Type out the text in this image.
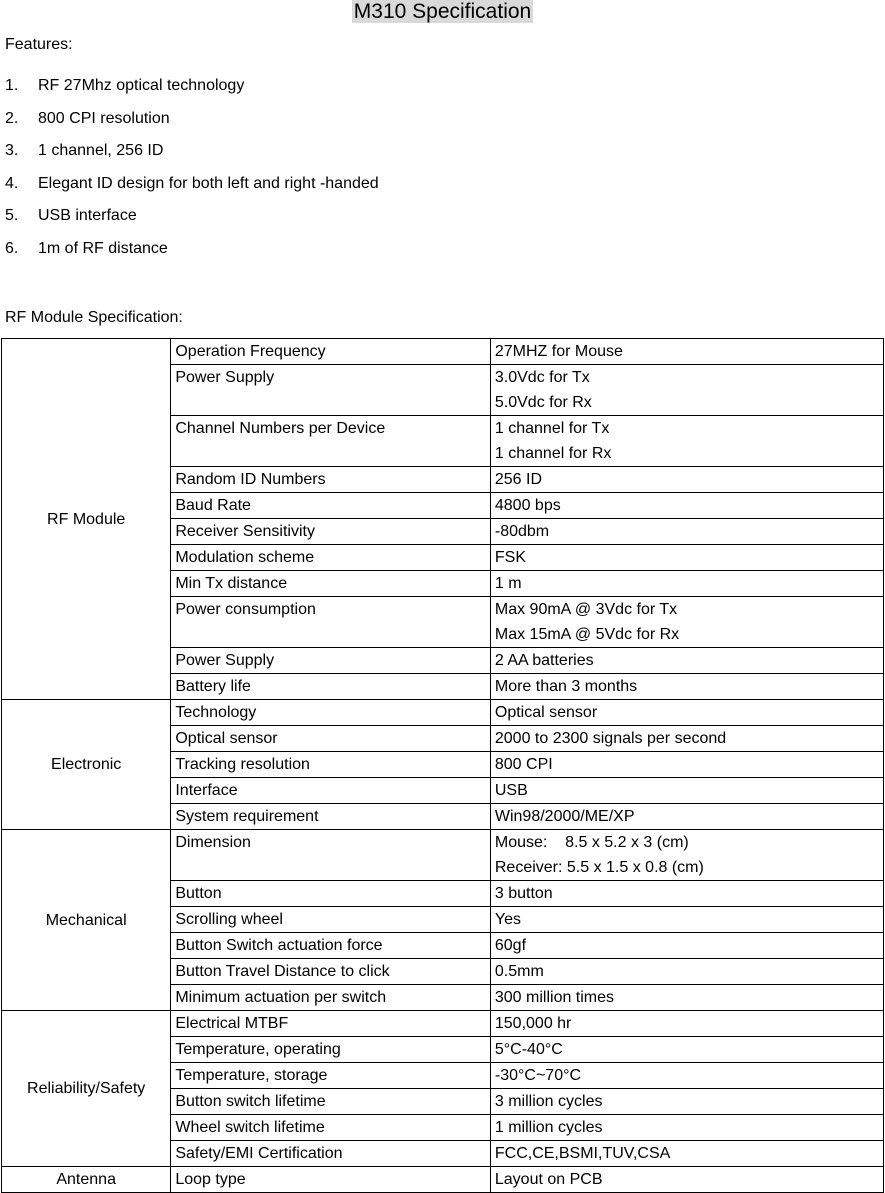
M310 Specification
Features:
1. RF 27Mhz optical technology
2. 800 CPI resolution
3. 1 channel, 256 ID
4. Elegant ID design for both left and right -handed
5. USB interface
6. 1m of RF distance
RF Module Specification:
RF Module	Operation Frequency	27MHZ for Mouse

	Power Supply	3.0Vdc for Tx
5.0Vdc for Rx

	Channel Numbers per Device	1 channel for Tx
1 channel for Rx

	Random ID Numbers	256 ID

	Baud Rate	4800 bps

	Receiver Sensitivity	-80dbm

	Modulation scheme	FSK

	Min Tx distance	1 m

	Power consumption	Max 90mA @ 3Vdc for Tx
Max 15mA @ 5Vdc for Rx

	Power Supply	2 AA batteries

	Battery life	More than 3 months

Electronic	Technology	Optical sensor

	Optical sensor	2000 to 2300 signals per second

	Tracking resolution	800 CPI

	Interface	USB

	System requirement	Win98/2000/ME/XP

Mechanical	Dimension	Mouse:    8.5 x 5.2 x 3 (cm)
Receiver: 5.5 x 1.5 x 0.8 (cm)

	Button	3 button

	Scrolling wheel	Yes

	Button Switch actuation force	60gf

	Button Travel Distance to click	0.5mm

	Minimum actuation per switch	300 million times

Reliability/Safety	Electrical MTBF	150,000 hr

	Temperature, operating	5°C-40°C

	Temperature, storage	-30°C~70°C

	Button switch lifetime	3 million cycles

	Wheel switch lifetime	1 million cycles

	Safety/EMI Certification	FCC,CE,BSMI,TUV,CSA

Antenna	Loop type	Layout on PCB
